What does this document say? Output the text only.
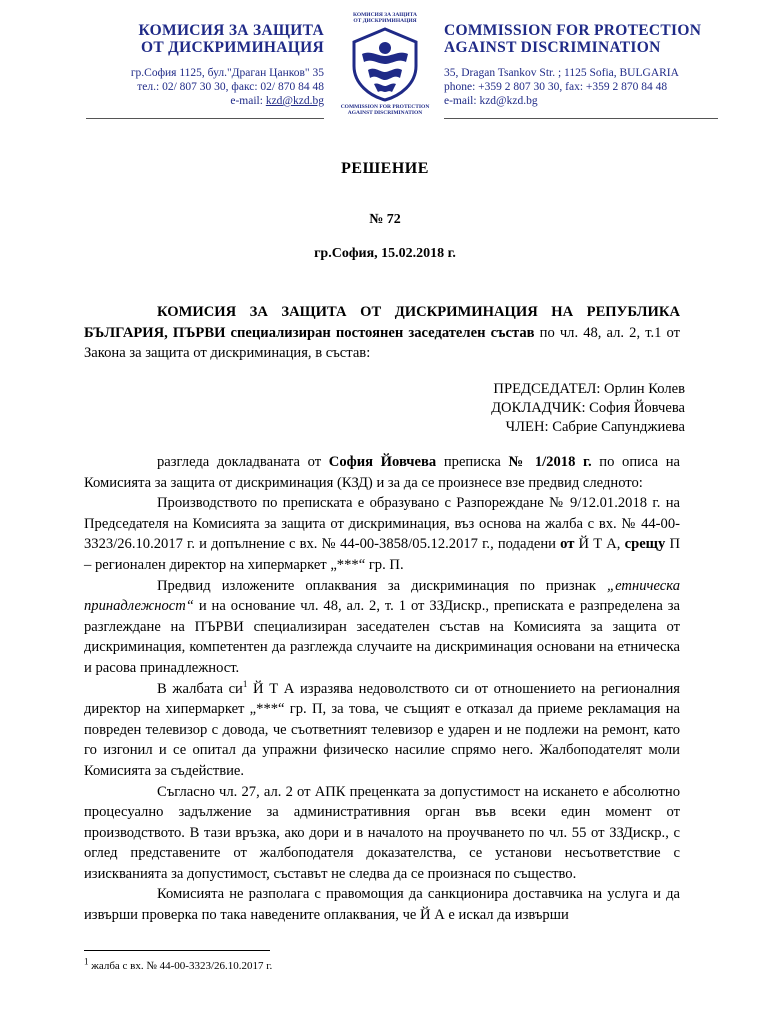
КОМИСИЯ ЗА ЗАЩИТА
ОТ ДИСКРИМИНАЦИЯ
гр.София 1125, бул."Драган Цанков" 35
тел.: 02/ 807 30 30, факс: 02/ 870 84 48
e-mail: kzd@kzd.bg
КОМИСИЯ ЗА ЗАЩИТА
ОТ ДИСКРИМИНАЦИЯ
COMMISSION FOR PROTECTION
AGAINST DISCRIMINATION
COMMISSION FOR PROTECTION
AGAINST DISCRIMINATION
35, Dragan Tsankov Str. ; 1125 Sofia, BULGARIA
phone: +359 2 807 30 30, fax: +359 2 870 84 48
e-mail: kzd@kzd.bg
РЕШЕНИЕ
№ 72
гр.София, 15.02.2018 г.
КОМИСИЯ ЗА ЗАЩИТА ОТ ДИСКРИМИНАЦИЯ НА РЕПУБЛИКА БЪЛГАРИЯ, ПЪРВИ специализиран постоянен заседателен състав по чл. 48, ал. 2, т.1 от Закона за защита от дискриминация, в състав:
ПРЕДСЕДАТЕЛ: Орлин Колев
ДОКЛАДЧИК: София Йовчева
ЧЛЕН: Сабрие Сапунджиева

разгледа докладваната от София Йовчева преписка № 1/2018 г. по описа на Комисията за защита от дискриминация (КЗД) и за да се произнесе взе предвид следното:

Производството по преписката е образувано с Разпореждане № 9/12.01.2018 г. на Председателя на Комисията за защита от дискриминация, въз основа на жалба с вх. № 44-00-3323/26.10.2017 г. и допълнение с вх. № 44-00-3858/05.12.2017 г., подадени от Й Т А, срещу П – регионален директор на хипермаркет „***“ гр. П.

Предвид изложените оплаквания за дискриминация по признак „етническа принадлежност“ и на основание чл. 48, ал. 2, т. 1 от ЗЗДискр., преписката е разпределена за разглеждане на ПЪРВИ специализиран заседателен състав на Комисията за защита от дискриминация, компетентен да разглежда случаите на дискриминация основани на етническа и расова принадлежност.

В жалбата $си^1$ Й Т А изразява недоволството си от отношението на регионалния директор на хипермаркет „***“ гр. П, за това, че същият е отказал да приеме рекламация на повреден телевизор с довода, че съответният телевизор е ударен и не подлежи на ремонт, като го изгонил и се опитал да упражни физическо насилие спрямо него. Жалбоподателят моли Комисията за съдействие.

Съгласно чл. 27, ал. 2 от АПК преценката за допустимост на искането е абсолютно процесуално задължение за административния орган във всеки един момент от производството. В тази връзка, ако дори и в началото на проучването по чл. 55 от ЗЗДискр., с оглед представените от жалбоподателя доказателства, се установи несъответствие с изискванията за допустимост, съставът не следва да се произнася по същество.

Комисията не разполага с правомощия да санкционира доставчика на услуга и да извърши проверка по така наведените оплаквания, че Й А е искал да извърши

$^1$ жалба с вх. № 44-00-3323/26.10.2017 г.
